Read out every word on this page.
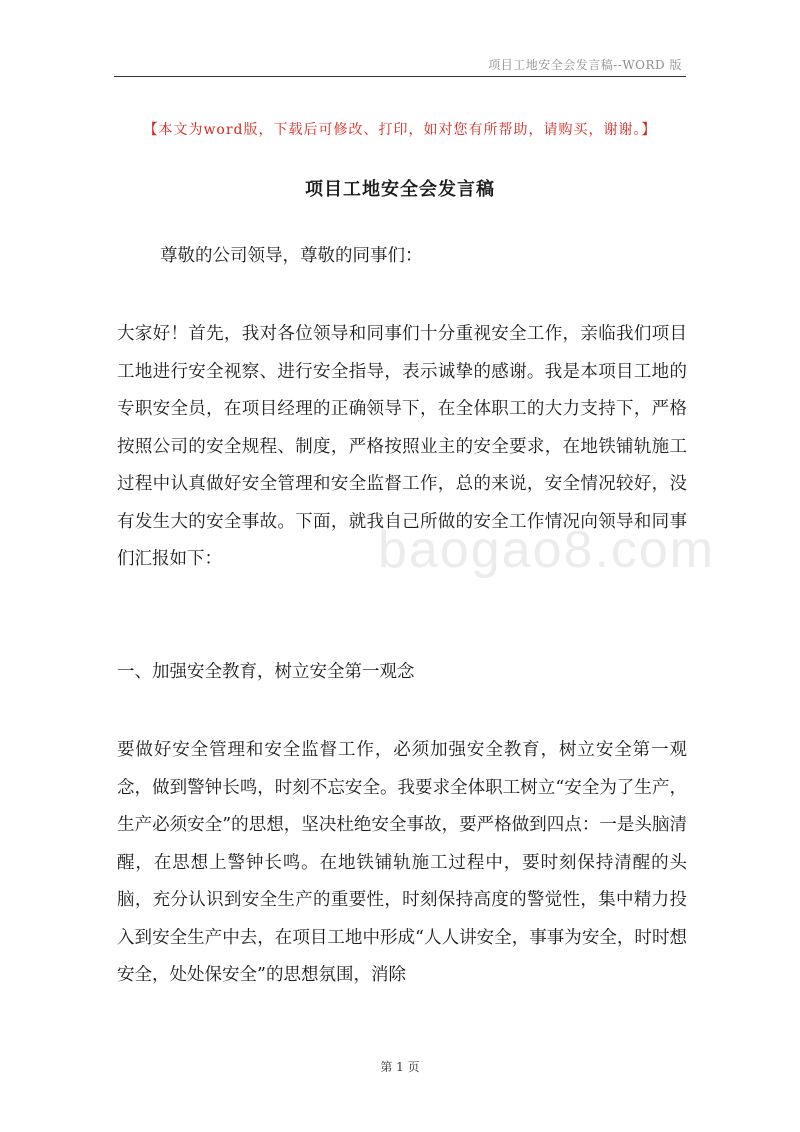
项目工地安全会发言稿--WORD 版
【本文为word版，下载后可修改、打印，如对您有所帮助，请购买，谢谢。】
项目工地安全会发言稿

尊敬的公司领导，尊敬的同事们：

大家好！首先，我对各位领导和同事们十分重视安全工作，亲临我们项目工地进行安全视察、进行安全指导，表示诚挚的感谢。我是本项目工地的专职安全员，在项目经理的正确领导下，在全体职工的大力支持下，严格按照公司的安全规程、制度，严格按照业主的安全要求，在地铁铺轨施工过程中认真做好安全管理和安全监督工作，总的来说，安全情况较好，没有发生大的安全事故。下面，就我自己所做的安全工作情况向领导和同事们汇报如下：

一、加强安全教育，树立安全第一观念

要做好安全管理和安全监督工作，必须加强安全教育，树立安全第一观念，做到警钟长鸣，时刻不忘安全。我要求全体职工树立“安全为了生产，生产必须安全”的思想，坚决杜绝安全事故，要严格做到四点：一是头脑清醒，在思想上警钟长鸣。在地铁铺轨施工过程中，要时刻保持清醒的头脑，充分认识到安全生产的重要性，时刻保持高度的警觉性，集中精力投入到安全生产中去，在项目工地中形成“人人讲安全，事事为安全，时时想安全，处处保安全”的思想氛围，消除

baogao8.com
第 1 页
